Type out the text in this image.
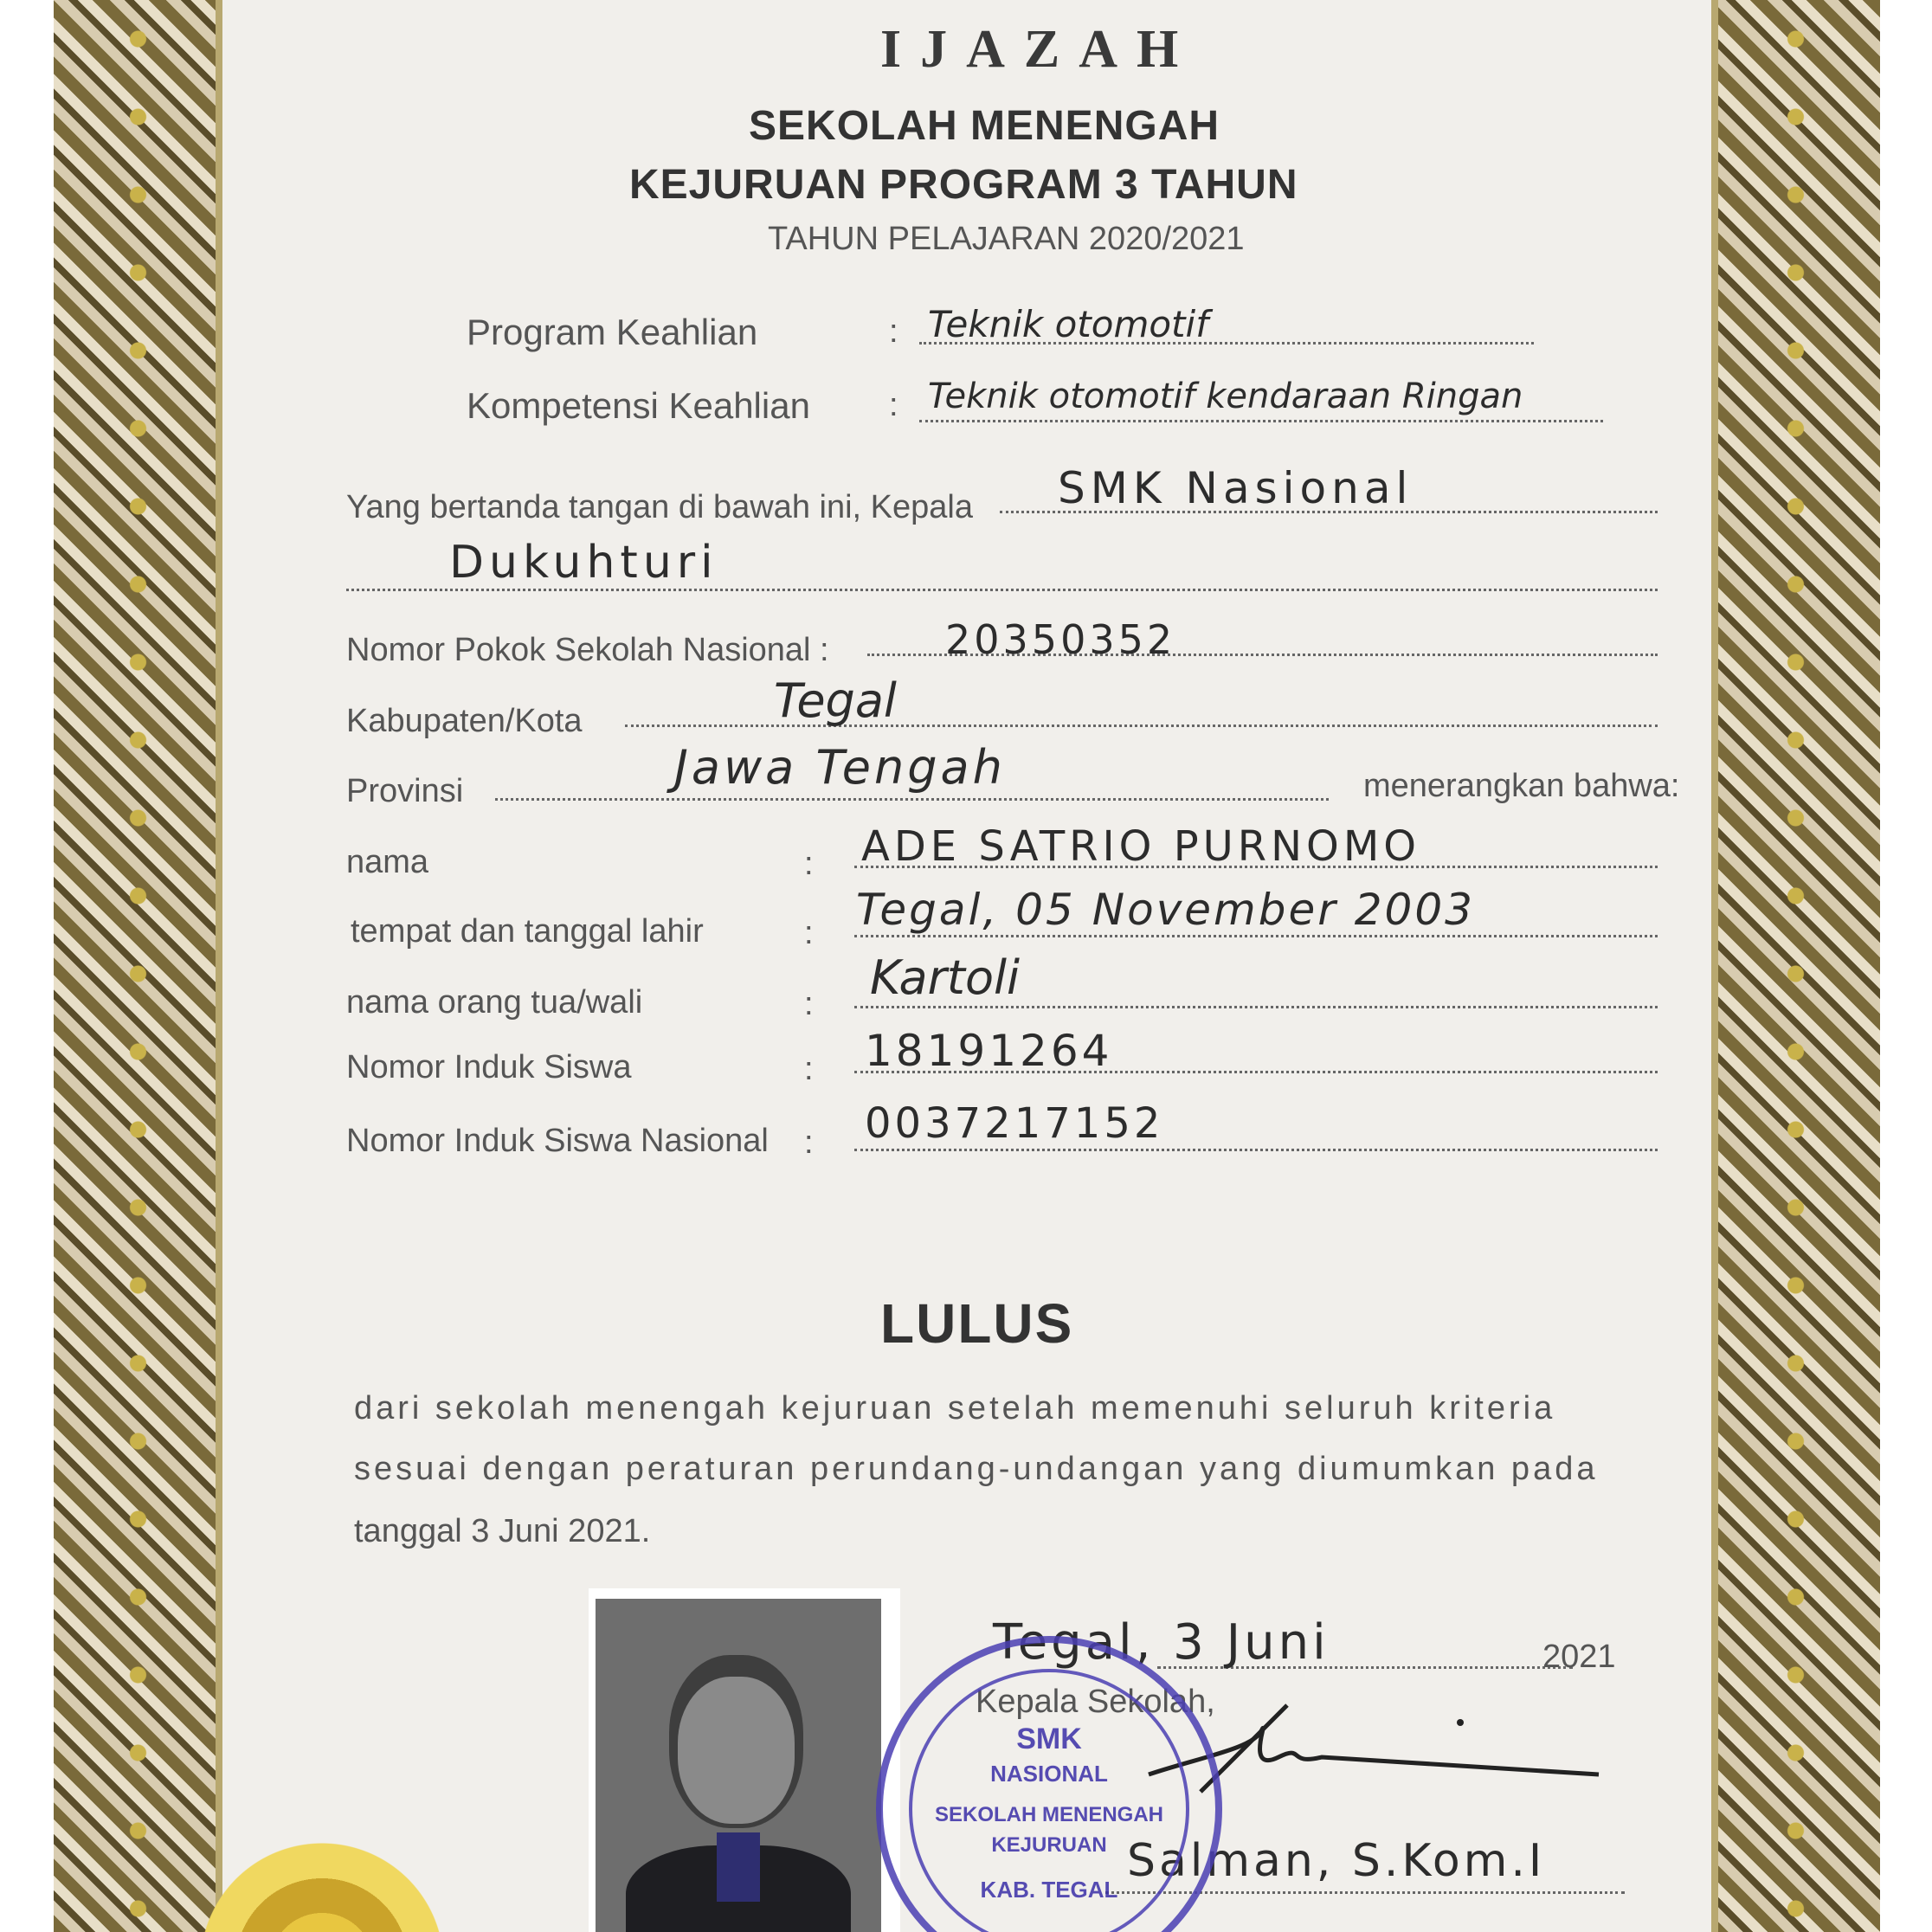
IJAZAH
SEKOLAH MENENGAH
KEJURUAN PROGRAM 3 TAHUN
TAHUN PELAJARAN 2020/2021
Program Keahlian	: Teknik otomotif
Kompetensi Keahlian : Teknik otomotif kendaraan Ringan
Yang bertanda tangan di bawah ini, Kepala SMK Nasional
Dukuhturi
Nomor Pokok Sekolah Nasional :	20350352
Kabupaten/Kota	Tegal
Provinsi	Jawa Tengah	menerangkan bahwa:
nama	: ADE SATRIO PURNOMO
tempat dan tanggal lahir	: Tegal, 05 November 2003
nama orang tua/wali	: Kartoli
Nomor Induk Siswa	: 18191264
Nomor Induk Siswa Nasional : 0037217152
LULUS
dari sekolah menengah kejuruan setelah memenuhi seluruh kriteria
sesuai dengan peraturan perundang-undangan yang diumumkan pada
tanggal 3 Juni 2021.
Tegal, 3 Juni	2021
Kepala Sekolah,
Salman, S.Kom.I
SMK
NASIONAL
SEKOLAH MENENGAH
KEJURUAN
KAB. TEGAL
